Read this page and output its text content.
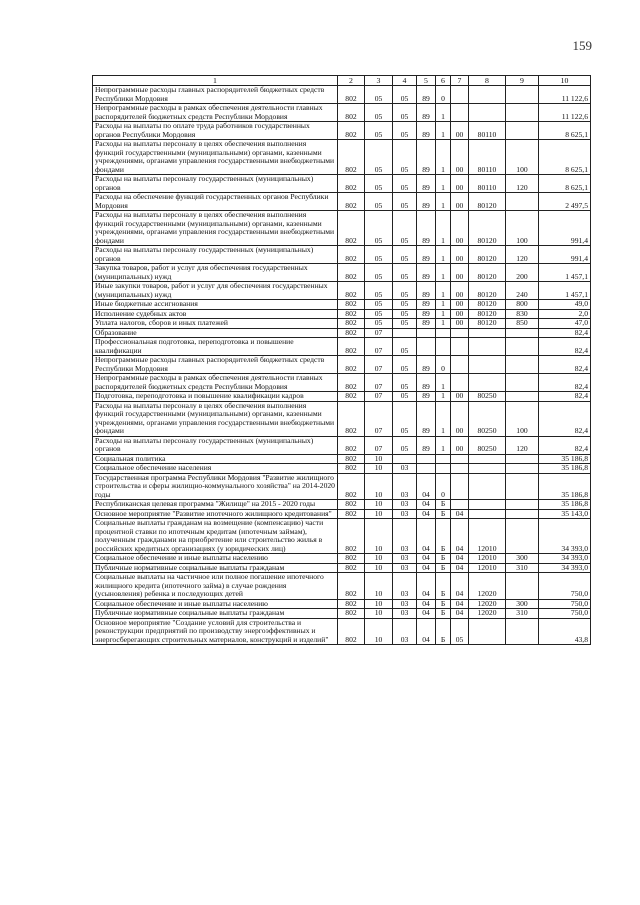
159
1	2	3	4	5	6	7	8	9	10
Непрограммные расходы главных распорядителей бюджетных средств Республики Мордовия	802	05	05	89	0				11 122,6
Непрограммные расходы в рамках обеспечения деятельности главных распорядителей бюджетных средств Республики Мордовия	802	05	05	89	1				11 122,6
Расходы на выплаты по оплате труда работников государственных органов Республики Мордовия	802	05	05	89	1	00	80110		8 625,1
Расходы на выплаты персоналу в целях обеспечения выполнения функций государственными (муниципальными) органами, казенными учреждениями, органами управления государственными внебюджетными фондами	802	05	05	89	1	00	80110	100	8 625,1
Расходы на выплаты персоналу государственных (муниципальных) органов	802	05	05	89	1	00	80110	120	8 625,1
Расходы на обеспечение функций государственных органов Республики Мордовия	802	05	05	89	1	00	80120		2 497,5
Расходы на выплаты персоналу в целях обеспечения выполнения функций государственными (муниципальными) органами, казенными учреждениями, органами управления государственными внебюджетными фондами	802	05	05	89	1	00	80120	100	991,4
Расходы на выплаты персоналу государственных (муниципальных) органов	802	05	05	89	1	00	80120	120	991,4
Закупка товаров, работ и услуг для обеспечения государственных (муниципальных) нужд	802	05	05	89	1	00	80120	200	1 457,1
Иные закупки товаров, работ и услуг для обеспечения государственных (муниципальных) нужд	802	05	05	89	1	00	80120	240	1 457,1
Иные бюджетные ассигнования	802	05	05	89	1	00	80120	800	49,0
Исполнение судебных актов	802	05	05	89	1	00	80120	830	2,0
Уплата налогов, сборов и иных платежей	802	05	05	89	1	00	80120	850	47,0
Образование	802	07							82,4
Профессиональная подготовка, переподготовка и повышение квалификации	802	07	05						82,4
Непрограммные расходы главных распорядителей бюджетных средств Республики Мордовия	802	07	05	89	0				82,4
Непрограммные расходы в рамках обеспечения деятельности главных распорядителей бюджетных средств Республики Мордовия	802	07	05	89	1				82,4
Подготовка, переподготовка и повышение квалификации кадров	802	07	05	89	1	00	80250		82,4
Расходы на выплаты персоналу в целях обеспечения выполнения функций государственными (муниципальными) органами, казенными учреждениями, органами управления государственными внебюджетными фондами	802	07	05	89	1	00	80250	100	82,4
Расходы на выплаты персоналу государственных (муниципальных) органов	802	07	05	89	1	00	80250	120	82,4
Социальная политика	802	10							35 186,8
Социальное обеспечение населения	802	10	03						35 186,8
Государственная программа Республики Мордовия "Развитие жилищного строительства и сферы жилищно-коммунального хозяйства" на 2014-2020 годы	802	10	03	04	0				35 186,8
Республиканская целевая программа "Жилище" на 2015 - 2020 годы	802	10	03	04	Б				35 186,8
Основное мероприятие "Развитие ипотечного жилищного кредитования"	802	10	03	04	Б	04			35 143,0
Социальные выплаты гражданам на возмещение (компенсацию) части процентной ставки по ипотечным кредитам (ипотечным займам), полученным гражданами на приобретение или строительство жилья в российских кредитных организациях (у юридических лиц)	802	10	03	04	Б	04	12010		34 393,0
Социальное обеспечение и иные выплаты населению	802	10	03	04	Б	04	12010	300	34 393,0
Публичные нормативные социальные выплаты гражданам	802	10	03	04	Б	04	12010	310	34 393,0
Социальные выплаты на частичное или полное погашение ипотечного жилищного кредита (ипотечного займа) в случае рождения (усыновления) ребенка и последующих детей	802	10	03	04	Б	04	12020		750,0
Социальное обеспечение и иные выплаты населению	802	10	03	04	Б	04	12020	300	750,0
Публичные нормативные социальные выплаты гражданам	802	10	03	04	Б	04	12020	310	750,0
Основное мероприятие "Создание условий для строительства и реконструкции предприятий по производству энергоэффективных и энергосберегающих строительных материалов, конструкций и изделий"	802	10	03	04	Б	05			43,8
